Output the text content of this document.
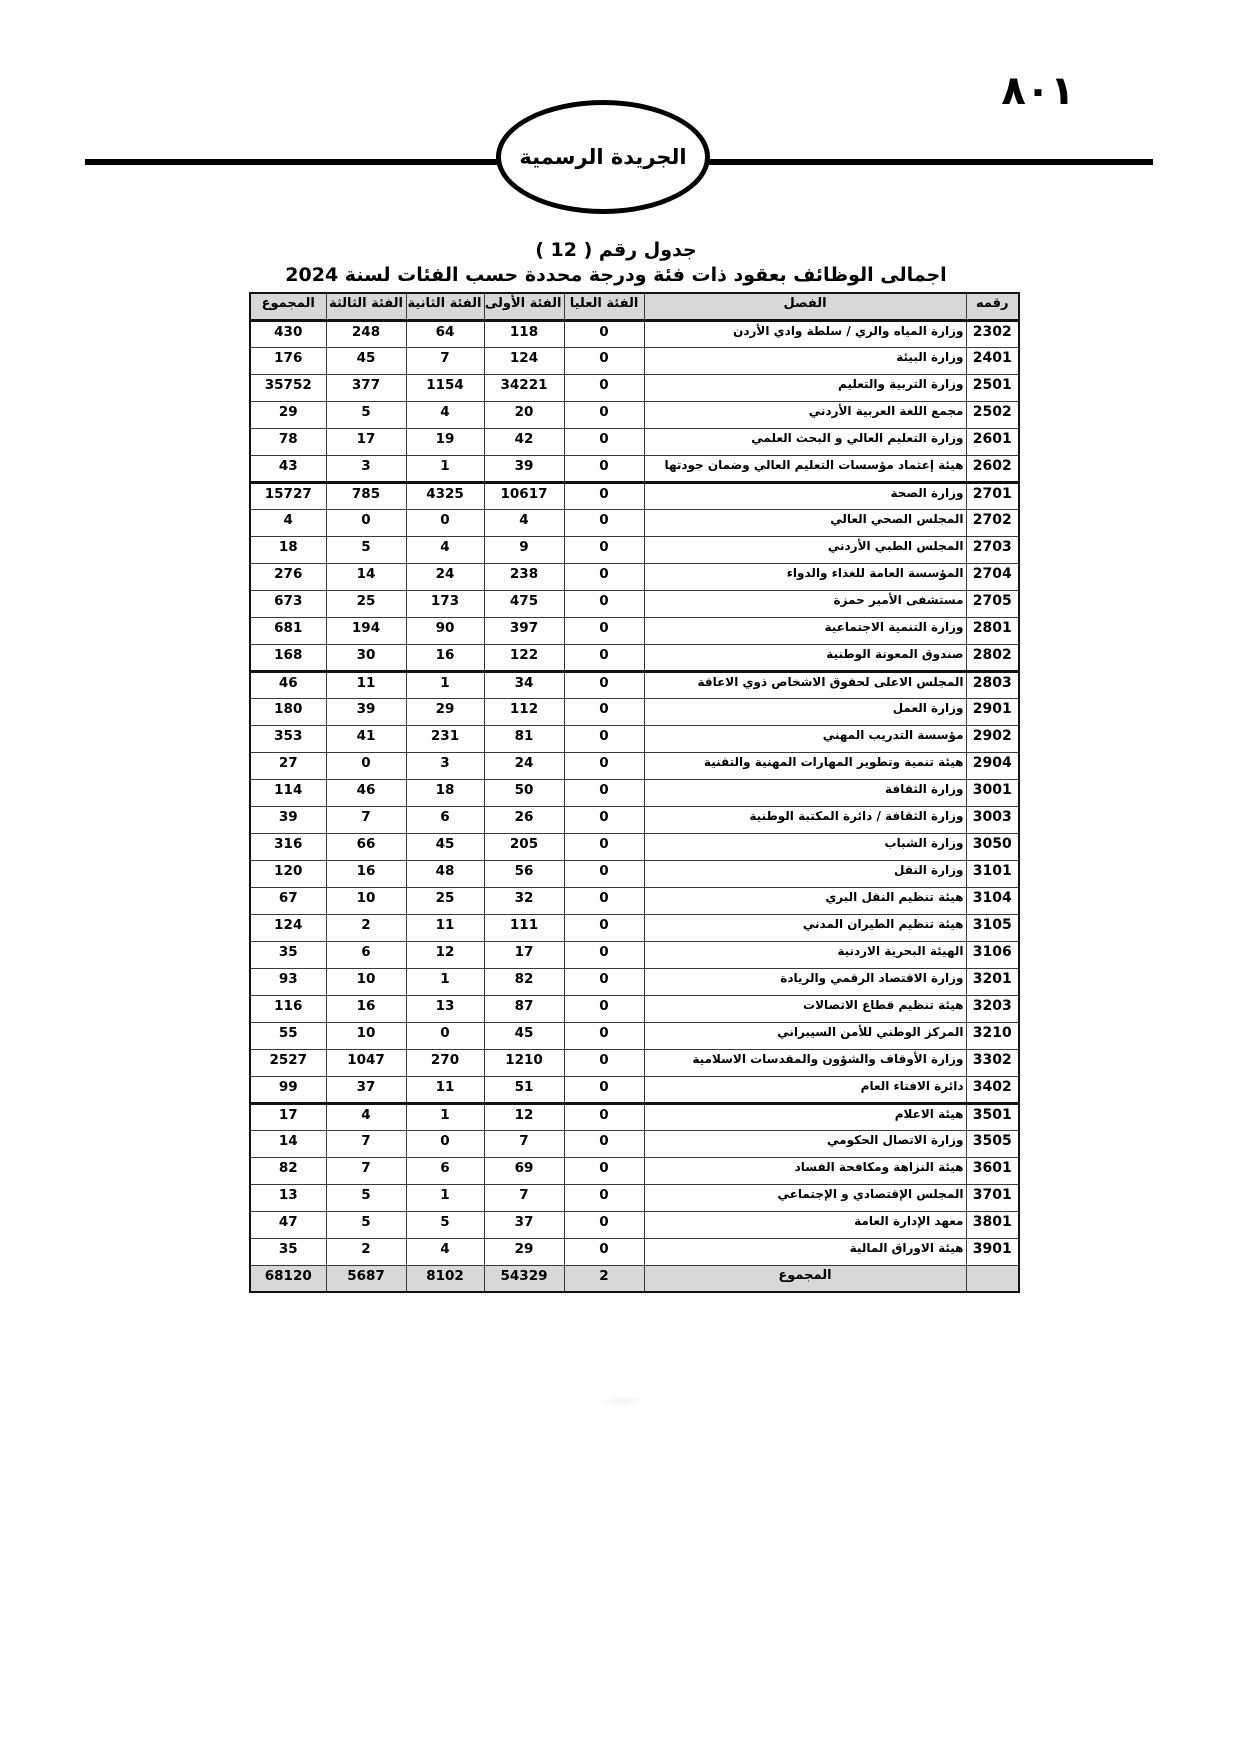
٨٠١
الجريدة الرسمية
جدول رقم ( 12 )
اجمالى الوظائف بعقود ذات فئة ودرجة محددة حسب الفئات لسنة 2024
رقمه	الفصل	الفئة العليا	الفئة الأولى	الفئة الثانية	الفئة الثالثة	المجموع
2302	وزارة المياه والري / سلطة وادي الأردن	0	118	64	248	430
2401	وزارة البيئة	0	124	7	45	176
2501	وزارة التربية والتعليم	0	34221	1154	377	35752
2502	مجمع اللغة العربية الأردني	0	20	4	5	29
2601	وزارة التعليم العالي و البحث العلمي	0	42	19	17	78
2602	هيئة إعتماد مؤسسات التعليم العالي وضمان جودتها	0	39	1	3	43
2701	وزارة الصحة	0	10617	4325	785	15727
2702	المجلس الصحي العالي	0	4	0	0	4
2703	المجلس الطبي الأردني	0	9	4	5	18
2704	المؤسسة العامة للغذاء والدواء	0	238	24	14	276
2705	مستشفى الأمير حمزة	0	475	173	25	673
2801	وزارة التنمية الاجتماعية	0	397	90	194	681
2802	صندوق المعونة الوطنية	0	122	16	30	168
2803	المجلس الاعلى لحقوق الاشخاص ذوي الاعاقة	0	34	1	11	46
2901	وزارة العمل	0	112	29	39	180
2902	مؤسسة التدريب المهني	0	81	231	41	353
2904	هيئة تنمية وتطوير المهارات المهنية والتقنية	0	24	3	0	27
3001	وزارة الثقافة	0	50	18	46	114
3003	وزارة الثقافة / دائرة المكتبة الوطنية	0	26	6	7	39
3050	وزارة الشباب	0	205	45	66	316
3101	وزارة النقل	0	56	48	16	120
3104	هيئة تنظيم النقل البري	0	32	25	10	67
3105	هيئة تنظيم الطيران المدني	0	111	11	2	124
3106	الهيئة البحرية الاردنية	0	17	12	6	35
3201	وزارة الاقتصاد الرقمي والريادة	0	82	1	10	93
3203	هيئة تنظيم قطاع الاتصالات	0	87	13	16	116
3210	المركز الوطني للأمن السيبراني	0	45	0	10	55
3302	وزارة الأوقاف والشؤون والمقدسات الاسلامية	0	1210	270	1047	2527
3402	دائرة الافتاء العام	0	51	11	37	99
3501	هيئة الاعلام	0	12	1	4	17
3505	وزارة الاتصال الحكومي	0	7	0	7	14
3601	هيئة النزاهة ومكافحة الفساد	0	69	6	7	82
3701	المجلس الإقتصادي و الإجتماعي	0	7	1	5	13
3801	معهد الإدارة العامة	0	37	5	5	47
3901	هيئة الاوراق المالية	0	29	4	2	35
	المجموع	2	54329	8102	5687	68120
